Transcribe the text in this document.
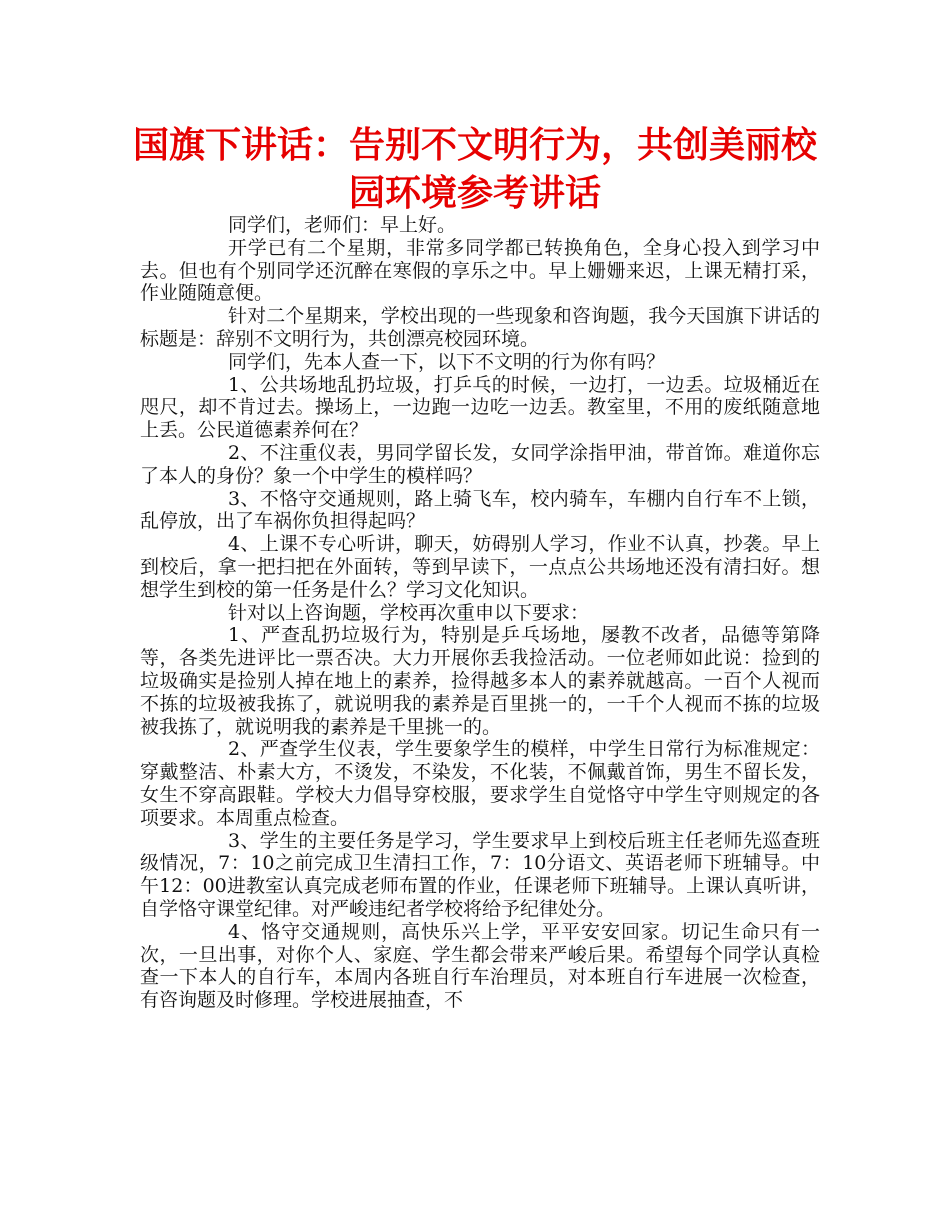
国旗下讲话：告别不文明行为，共创美丽校园环境参考讲话

同学们，老师们：早上好。

开学已有二个星期，非常多同学都已转换角色，全身心投入到学习中去。但也有个别同学还沉醉在寒假的享乐之中。早上姗姗来迟，上课无精打采，作业随随意便。

针对二个星期来，学校出现的一些现象和咨询题，我今天国旗下讲话的标题是：辞别不文明行为，共创漂亮校园环境。

同学们，先本人查一下，以下不文明的行为你有吗？

1、公共场地乱扔垃圾，打乒乓的时候，一边打，一边丢。垃圾桶近在咫尺，却不肯过去。操场上，一边跑一边吃一边丢。教室里，不用的废纸随意地上丢。公民道德素养何在？

2、不注重仪表，男同学留长发，女同学涂指甲油，带首饰。难道你忘了本人的身份？象一个中学生的模样吗？

3、不恪守交通规则，路上骑飞车，校内骑车，车棚内自行车不上锁，乱停放，出了车祸你负担得起吗？

4、上课不专心听讲，聊天，妨碍别人学习，作业不认真，抄袭。早上到校后，拿一把扫把在外面转，等到早读下，一点点公共场地还没有清扫好。想想学生到校的第一任务是什么？学习文化知识。

针对以上咨询题，学校再次重申以下要求：

1、严查乱扔垃圾行为，特别是乒乓场地，屡教不改者，品德等第降等，各类先进评比一票否决。大力开展你丢我捡活动。一位老师如此说：捡到的垃圾确实是捡别人掉在地上的素养，捡得越多本人的素养就越高。一百个人视而不拣的垃圾被我拣了，就说明我的素养是百里挑一的，一千个人视而不拣的垃圾被我拣了，就说明我的素养是千里挑一的。

2、严查学生仪表，学生要象学生的模样，中学生日常行为标准规定：穿戴整洁、朴素大方，不烫发，不染发，不化装，不佩戴首饰，男生不留长发，女生不穿高跟鞋。学校大力倡导穿校服，要求学生自觉恪守中学生守则规定的各项要求。本周重点检查。

3、学生的主要任务是学习，学生要求早上到校后班主任老师先巡查班级情况，7：10之前完成卫生清扫工作，7：10分语文、英语老师下班辅导。中午12：00进教室认真完成老师布置的作业，任课老师下班辅导。上课认真听讲，自学恪守课堂纪律。对严峻违纪者学校将给予纪律处分。

4、恪守交通规则，高快乐兴上学，平平安安回家。切记生命只有一次，一旦出事，对你个人、家庭、学生都会带来严峻后果。希望每个同学认真检查一下本人的自行车，本周内各班自行车治理员，对本班自行车进展一次检查，有咨询题及时修理。学校进展抽查，不
